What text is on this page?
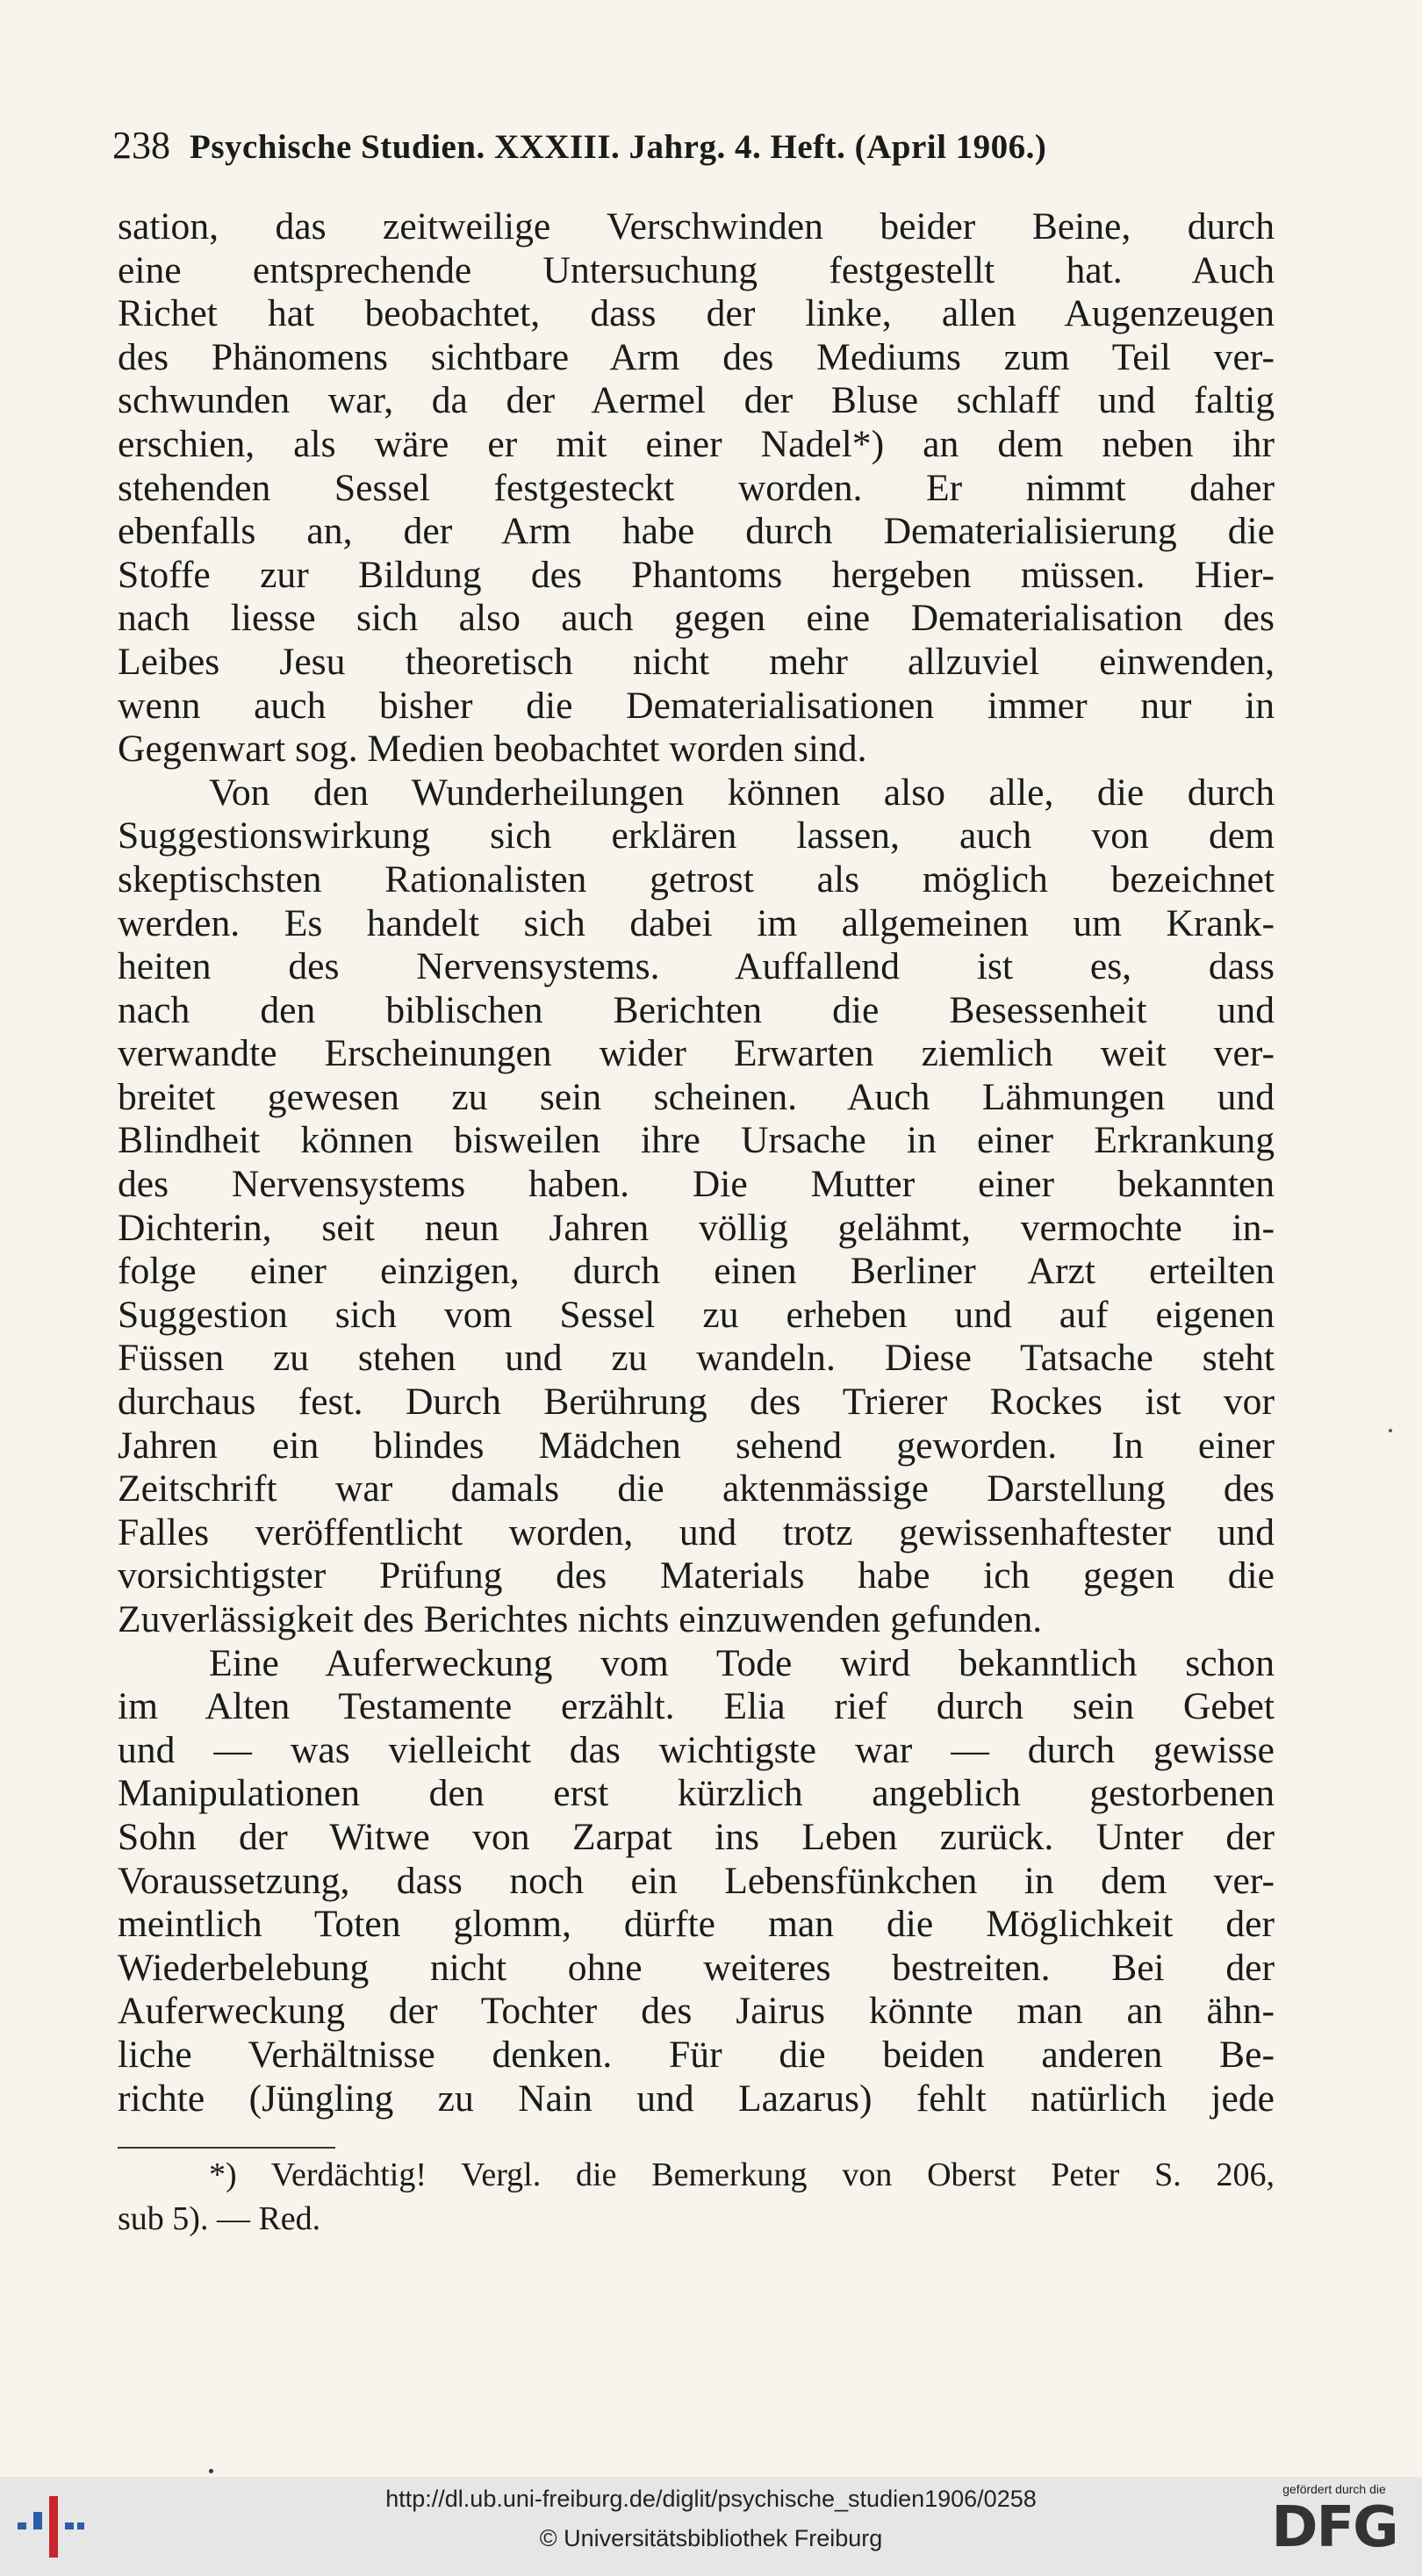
238 Psychische Studien. XXXIII. Jahrg. 4. Heft. (April 1906.)
sation, das zeitweilige Verschwinden beider Beine, durch
eine entsprechende Untersuchung festgestellt hat. Auch
Richet hat beobachtet, dass der linke, allen Augenzeugen
des Phänomens sichtbare Arm des Mediums zum Teil ver-
schwunden war, da der Aermel der Bluse schlaff und faltig
erschien, als wäre er mit einer Nadel*) an dem neben ihr
stehenden Sessel festgesteckt worden. Er nimmt daher
ebenfalls an, der Arm habe durch Dematerialisierung die
Stoffe zur Bildung des Phantoms hergeben müssen. Hier-
nach liesse sich also auch gegen eine Dematerialisation des
Leibes Jesu theoretisch nicht mehr allzuviel einwenden,
wenn auch bisher die Dematerialisationen immer nur in
Gegenwart sog. Medien beobachtet worden sind.
Von den Wunderheilungen können also alle, die durch
Suggestionswirkung sich erklären lassen, auch von dem
skeptischsten Rationalisten getrost als möglich bezeichnet
werden. Es handelt sich dabei im allgemeinen um Krank-
heiten des Nervensystems. Auffallend ist es, dass
nach den biblischen Berichten die Besessenheit und
verwandte Erscheinungen wider Erwarten ziemlich weit ver-
breitet gewesen zu sein scheinen. Auch Lähmungen und
Blindheit können bisweilen ihre Ursache in einer Erkrankung
des Nervensystems haben. Die Mutter einer bekannten
Dichterin, seit neun Jahren völlig gelähmt, vermochte in-
folge einer einzigen, durch einen Berliner Arzt erteilten
Suggestion sich vom Sessel zu erheben und auf eigenen
Füssen zu stehen und zu wandeln. Diese Tatsache steht
durchaus fest. Durch Berührung des Trierer Rockes ist vor
Jahren ein blindes Mädchen sehend geworden. In einer
Zeitschrift war damals die aktenmässige Darstellung des
Falles veröffentlicht worden, und trotz gewissenhaftester und
vorsichtigster Prüfung des Materials habe ich gegen die
Zuverlässigkeit des Berichtes nichts einzuwenden gefunden.
Eine Auferweckung vom Tode wird bekanntlich schon
im Alten Testamente erzählt. Elia rief durch sein Gebet
und — was vielleicht das wichtigste war — durch gewisse
Manipulationen den erst kürzlich angeblich gestorbenen
Sohn der Witwe von Zarpat ins Leben zurück. Unter der
Voraussetzung, dass noch ein Lebensfünkchen in dem ver-
meintlich Toten glomm, dürfte man die Möglichkeit der
Wiederbelebung nicht ohne weiteres bestreiten. Bei der
Auferweckung der Tochter des Jairus könnte man an ähn-
liche Verhältnisse denken. Für die beiden anderen Be-
richte (Jüngling zu Nain und Lazarus) fehlt natürlich jede
*) Verdächtig! Vergl. die Bemerkung von Oberst Peter S. 206,
sub 5). — Red.
http://dl.ub.uni-freiburg.de/diglit/psychische_studien1906/0258
© Universitätsbibliothek Freiburg
gefördert durch die
DFG
